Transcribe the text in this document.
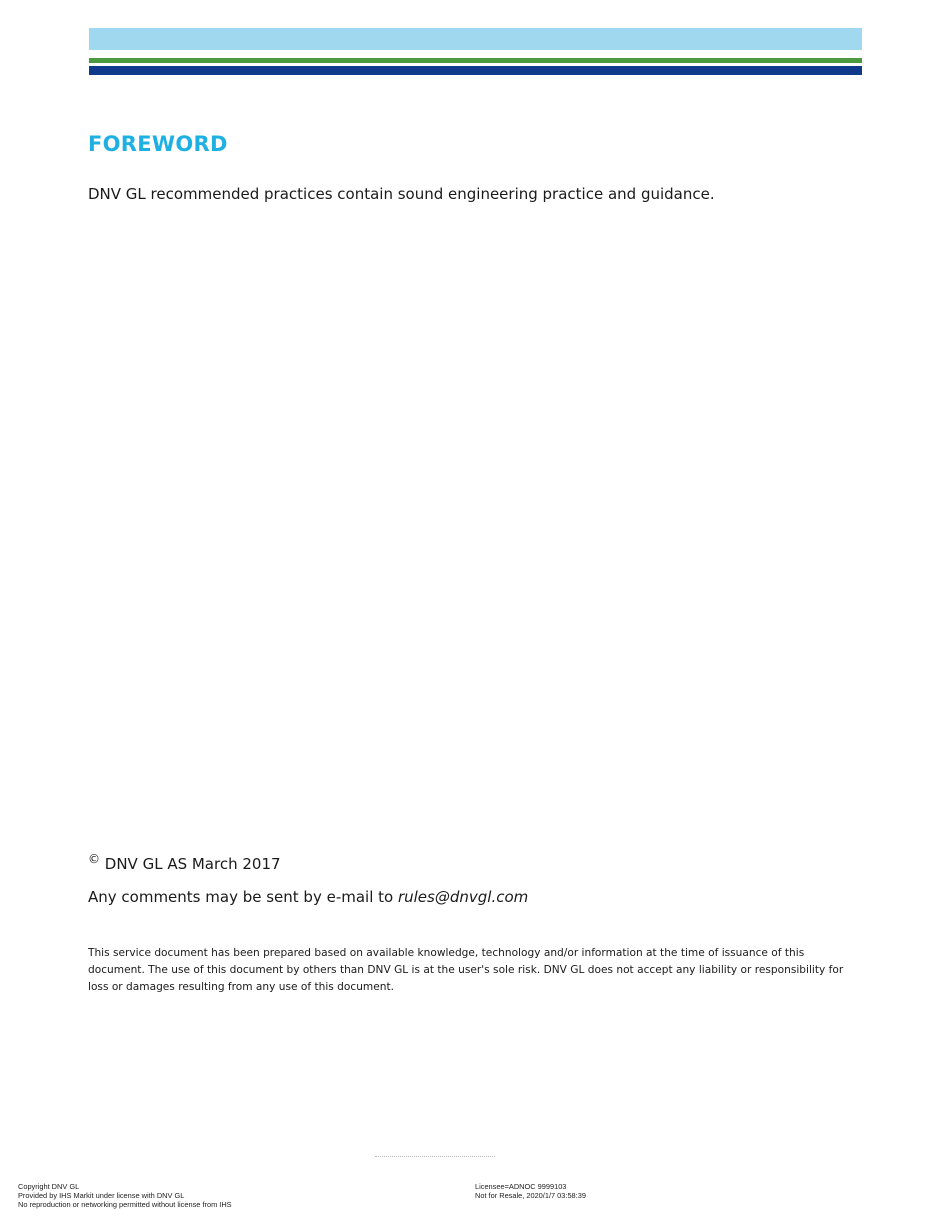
FOREWORD
DNV GL recommended practices contain sound engineering practice and guidance.
© DNV GL AS March 2017
Any comments may be sent by e-mail to rules@dnvgl.com
This service document has been prepared based on available knowledge, technology and/or information at the time of issuance of this document. The use of this document by others than DNV GL is at the user's sole risk. DNV GL does not accept any liability or responsibility for loss or damages resulting from any use of this document.
Copyright DNV GL
Provided by IHS Markit under license with DNV GL
No reproduction or networking permitted without license from IHS
Licensee=ADNOC 9999103
Not for Resale, 2020/1/7 03:58:39
